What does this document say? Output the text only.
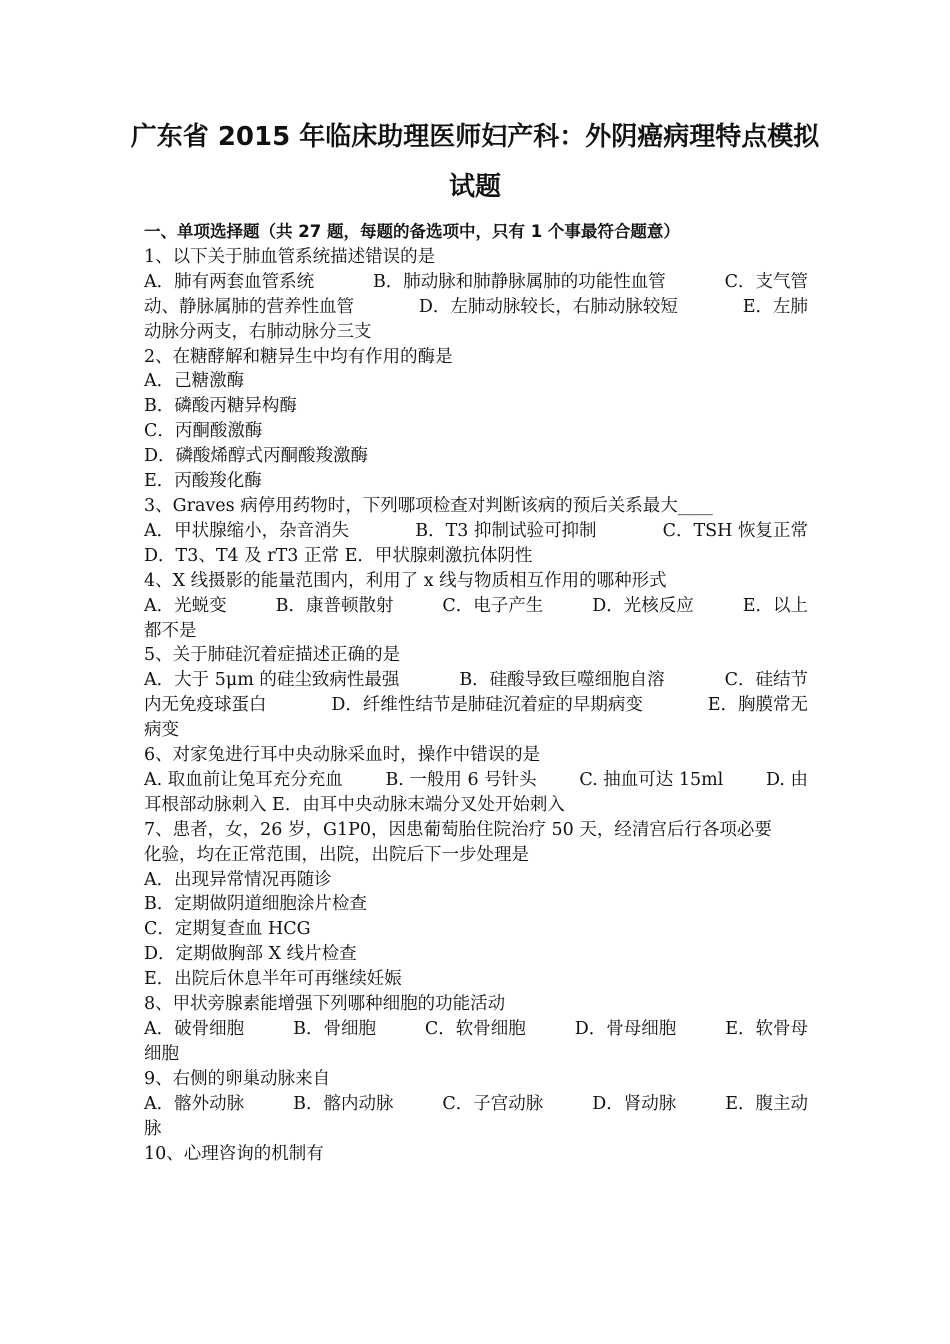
广东省 2015 年临床助理医师妇产科：外阴癌病理特点模拟
试题
一、单项选择题（共 27 题，每题的备选项中，只有 1 个事最符合题意）
1、以下关于肺血管系统描述错误的是
A．肺有两套血管系统	B．肺动脉和肺静脉属肺的功能性血管	C．支气管
动、静脉属肺的营养性血管	D．左肺动脉较长，右肺动脉较短	E．左肺
动脉分两支，右肺动脉分三支
2、在糖酵解和糖异生中均有作用的酶是
A．己糖激酶
B．磷酸丙糖异构酶
C．丙酮酸激酶
D．磷酸烯醇式丙酮酸羧激酶
E．丙酸羧化酶
3、Graves 病停用药物时，下列哪项检查对判断该病的预后关系最大____
A．甲状腺缩小，杂音消失	B．T3 抑制试验可抑制	C．TSH 恢复正常
D．T3、T4 及 rT3 正常 E．甲状腺刺激抗体阴性
4、X 线摄影的能量范围内，利用了 x 线与物质相互作用的哪种形式
A．光蜕变	B．康普顿散射	C．电子产生	D．光核反应	E．以上
都不是
5、关于肺硅沉着症描述正确的是
A．大于 5μm 的硅尘致病性最强	B．硅酸导致巨噬细胞自溶	C．硅结节
内无免疫球蛋白	D．纤维性结节是肺硅沉着症的早期病变	E．胸膜常无
病变
6、对家兔进行耳中央动脉采血时，操作中错误的是
A. 取血前让兔耳充分充血 B. 一般用 6 号针头 C. 抽血可达 15ml D. 由
耳根部动脉刺入 E．由耳中央动脉末端分叉处开始刺入
7、患者，女，26 岁，G1P0，因患葡萄胎住院治疗 50 天，经清宫后行各项必要
化验，均在正常范围，出院，出院后下一步处理是
A．出现异常情况再随诊
B．定期做阴道细胞涂片检查
C．定期复查血 HCG
D．定期做胸部 X 线片检查
E．出院后休息半年可再继续妊娠
8、甲状旁腺素能增强下列哪种细胞的功能活动
A．破骨细胞	B．骨细胞	C．软骨细胞	D．骨母细胞	E．软骨母
细胞
9、右侧的卵巢动脉来自
A．髂外动脉	B．髂内动脉	C．子宫动脉	D．肾动脉	E．腹主动
脉
10、心理咨询的机制有
